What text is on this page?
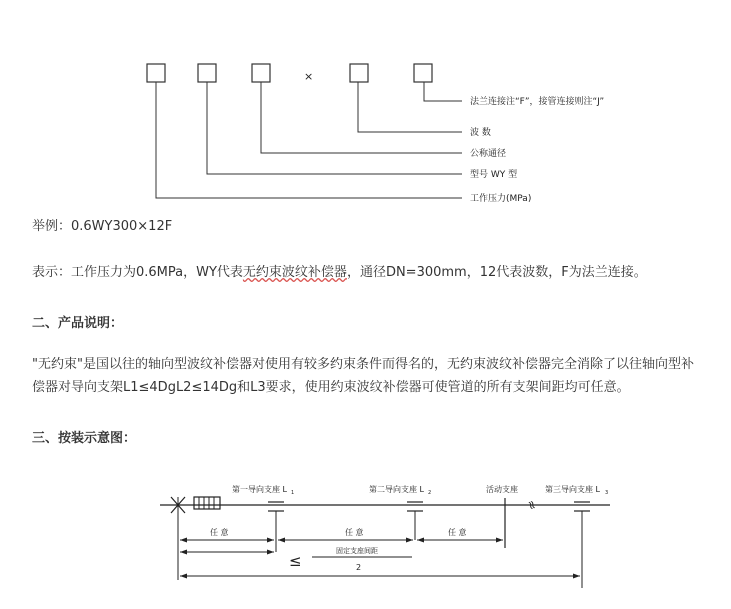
×
法兰连接注“F”，接管连接则注“J”
波 数
公称通径
型号 WY 型
工作压力(MPa)
举例：0.6WY300×12F
表示：工作压力为0.6MPa，WY代表无约束波纹补偿器，通径DN=300mm，12代表波数，F为法兰连接。
二、产品说明：
"无约束"是国以往的轴向型波纹补偿器对使用有较多约束条件而得名的，无约束波纹补偿器完全消除了以往轴向型补
偿器对导向支架L1≤4DgL2≤14Dg和L3要求，使用约束波纹补偿器可使管道的所有支架间距均可任意。
三、按装示意图：
第一导向支座 L 1	第二导向支座 L 2	活动支座	第三导向支座 L 3
≈
任 意	任 意	任 意
≤
固定支座间距
2
